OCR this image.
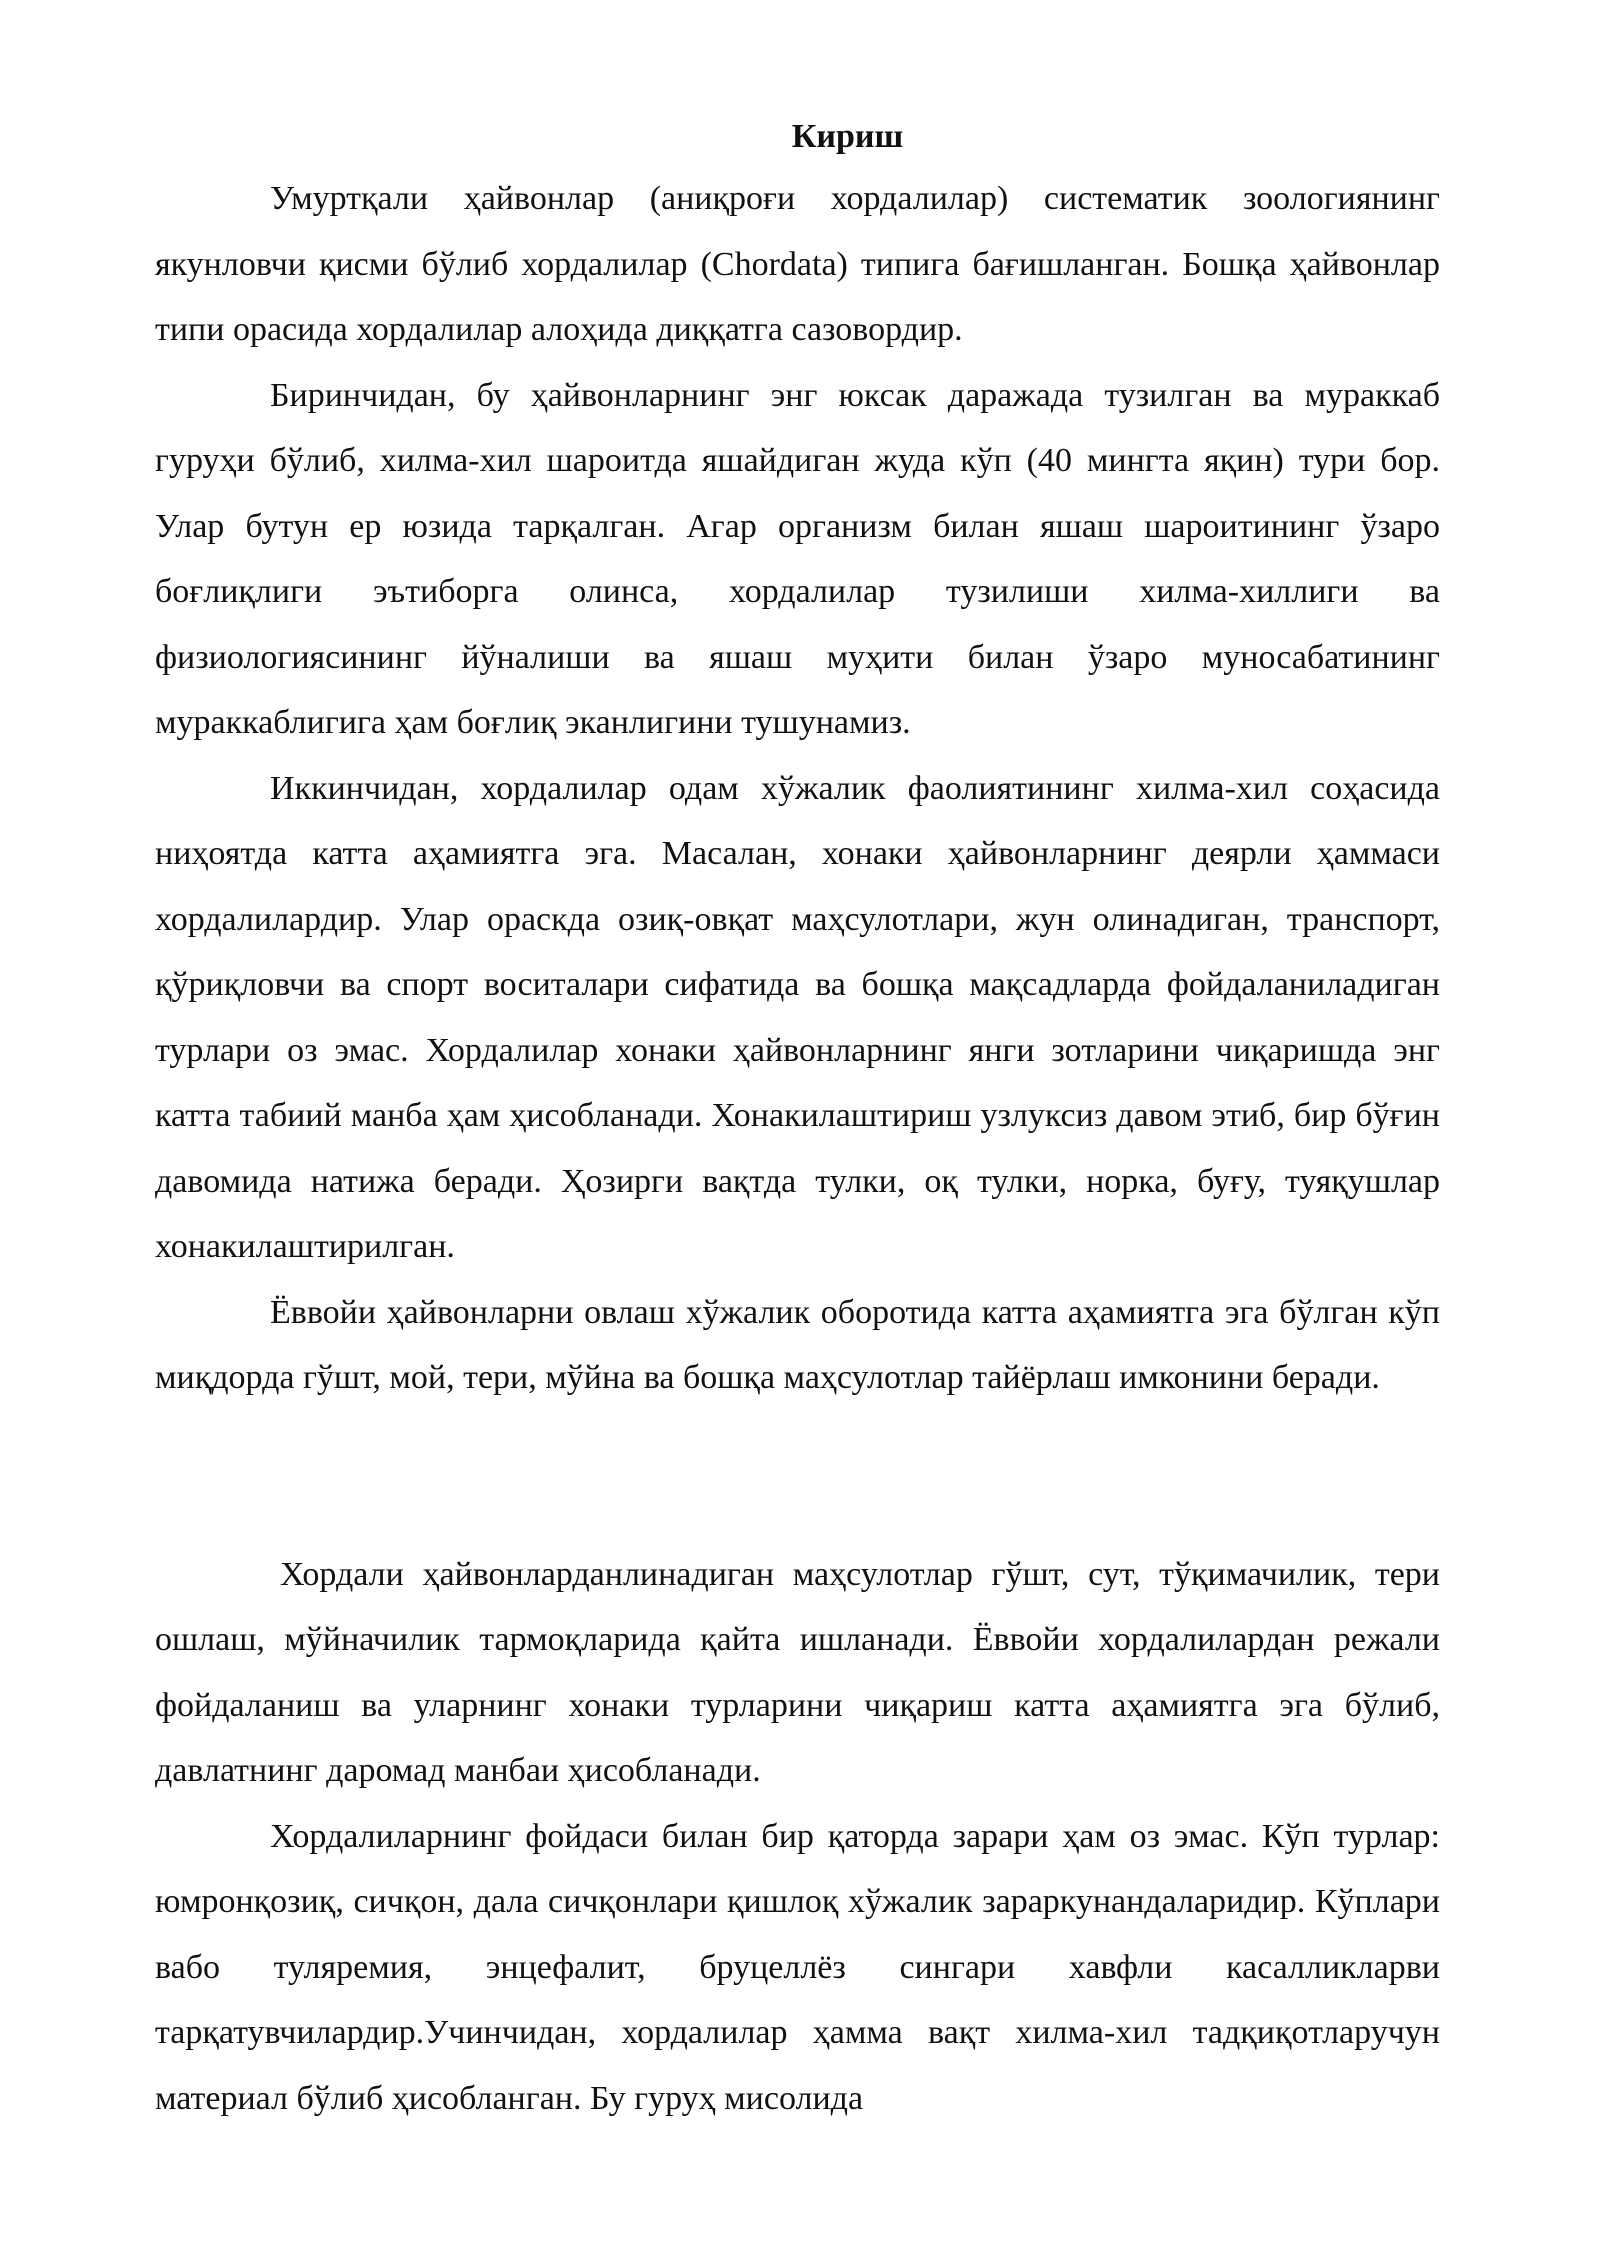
Кириш

Умуртқали ҳайвонлар (аниқроғи хордалилар) систематик зоологиянинг якунловчи қисми бўлиб хордалилар (Chordata) типига бағишланган. Бошқа ҳайвонлар типи орасида хордалилар алоҳида диққатга сазовордир.

Биринчидан, бу ҳайвонларнинг энг юксак даражада тузилган ва мураккаб гуруҳи бўлиб, хилма-хил шароитда яшайдиган жуда кўп (40 мингта яқин) тури бор. Улар бутун ер юзида тарқалган. Агар организм билан яшаш шароитининг ўзаро боғлиқлиги эътиборга олинса, хордалилар тузилиши хилма-хиллиги ва физиологиясининг йўналиши ва яшаш муҳити билан ўзаро муносабатининг мураккаблигига ҳам боғлиқ эканлигини тушунамиз.

Иккинчидан, хордалилар одам хўжалик фаолиятининг хилма-хил соҳасида ниҳоятда катта аҳамиятга эга. Масалан, хонаки ҳайвонларнинг деярли ҳаммаси хордалилардир. Улар ораскда озиқ-овқат маҳсулотлари, жун олинадиган, транспорт, қўриқловчи ва спорт воситалари сифатида ва бошқа мақсадларда фойдаланиладиган турлари оз эмас. Хордалилар хонаки ҳайвонларнинг янги зотларини чиқаришда энг катта табиий манба ҳам ҳисобланади. Хонакилаштириш узлуксиз давом этиб, бир бўғин давомида натижа беради. Ҳозирги вақтда тулки, оқ тулки, норка, буғу, туяқушлар хонакилаштирилган.

Ёввойи ҳайвонларни овлаш хўжалик оборотида катта аҳамиятга эга бўлган кўп миқдорда гўшт, мой, тери, мўйна ва бошқа маҳсулотлар тайёрлаш имконини беради.

Хордали ҳайвонларданлинадиган маҳсулотлар гўшт, сут, тўқимачилик, тери ошлаш, мўйначилик тармоқларида қайта ишланади. Ёввойи хордалилардан режали фойдаланиш ва уларнинг хонаки турларини чиқариш катта аҳамиятга эга бўлиб, давлатнинг даромад манбаи ҳисобланади.

Хордалиларнинг фойдаси билан бир қаторда зарари ҳам оз эмас. Кўп турлар: юмронқозиқ, сичқон, дала сичқонлари қишлоқ хўжалик зараркунандаларидир. Кўплари вабо туляремия, энцефалит, бруцеллёз сингари хавфли касалликларви тарқатувчилардир.Учинчидан, хордалилар ҳамма вақт хилма-хил тадқиқотларучун материал бўлиб ҳисобланган. Бу гуруҳ мисолида
